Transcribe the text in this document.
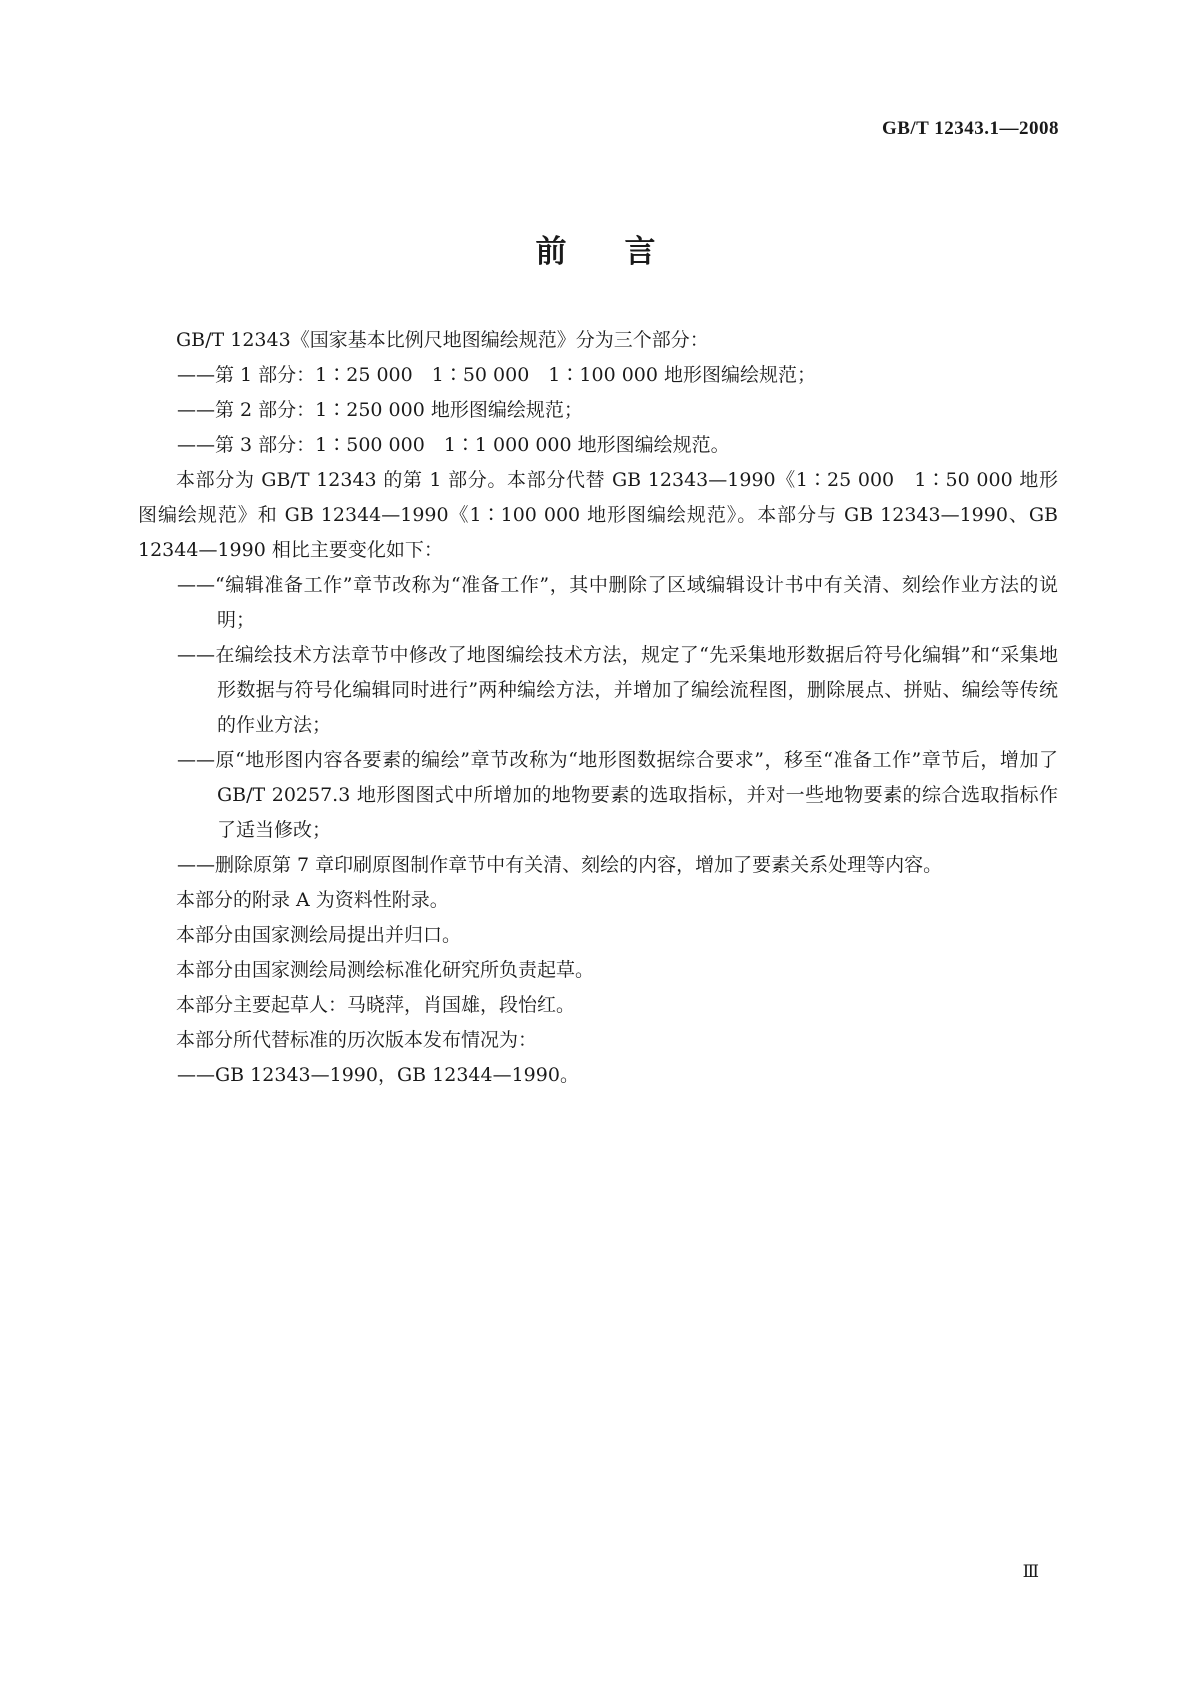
GB/T 12343.1—2008
前言

GB/T 12343《国家基本比例尺地图编绘规范》分为三个部分：

——第 1 部分：1∶25 000　1∶50 000　1∶100 000 地形图编绘规范；

——第 2 部分：1∶250 000 地形图编绘规范；

——第 3 部分：1∶500 000　1∶1 000 000 地形图编绘规范。

本部分为 GB/T 12343 的第 1 部分。本部分代替 GB 12343—1990《1∶25 000　1∶50 000 地形图编绘规范》和 GB 12344—1990《1∶100 000 地形图编绘规范》。本部分与 GB 12343—1990、GB 12344—1990 相比主要变化如下：

——“编辑准备工作”章节改称为“准备工作”，其中删除了区域编辑设计书中有关清、刻绘作业方法的说明；

——在编绘技术方法章节中修改了地图编绘技术方法，规定了“先采集地形数据后符号化编辑”和“采集地形数据与符号化编辑同时进行”两种编绘方法，并增加了编绘流程图，删除展点、拼贴、编绘等传统的作业方法；

——原“地形图内容各要素的编绘”章节改称为“地形图数据综合要求”，移至“准备工作”章节后，增加了 GB/T 20257.3 地形图图式中所增加的地物要素的选取指标，并对一些地物要素的综合选取指标作了适当修改；

——删除原第 7 章印刷原图制作章节中有关清、刻绘的内容，增加了要素关系处理等内容。

本部分的附录 A 为资料性附录。

本部分由国家测绘局提出并归口。

本部分由国家测绘局测绘标准化研究所负责起草。

本部分主要起草人：马晓萍，肖国雄，段怡红。

本部分所代替标准的历次版本发布情况为：

——GB 12343—1990，GB 12344—1990。

Ⅲ
